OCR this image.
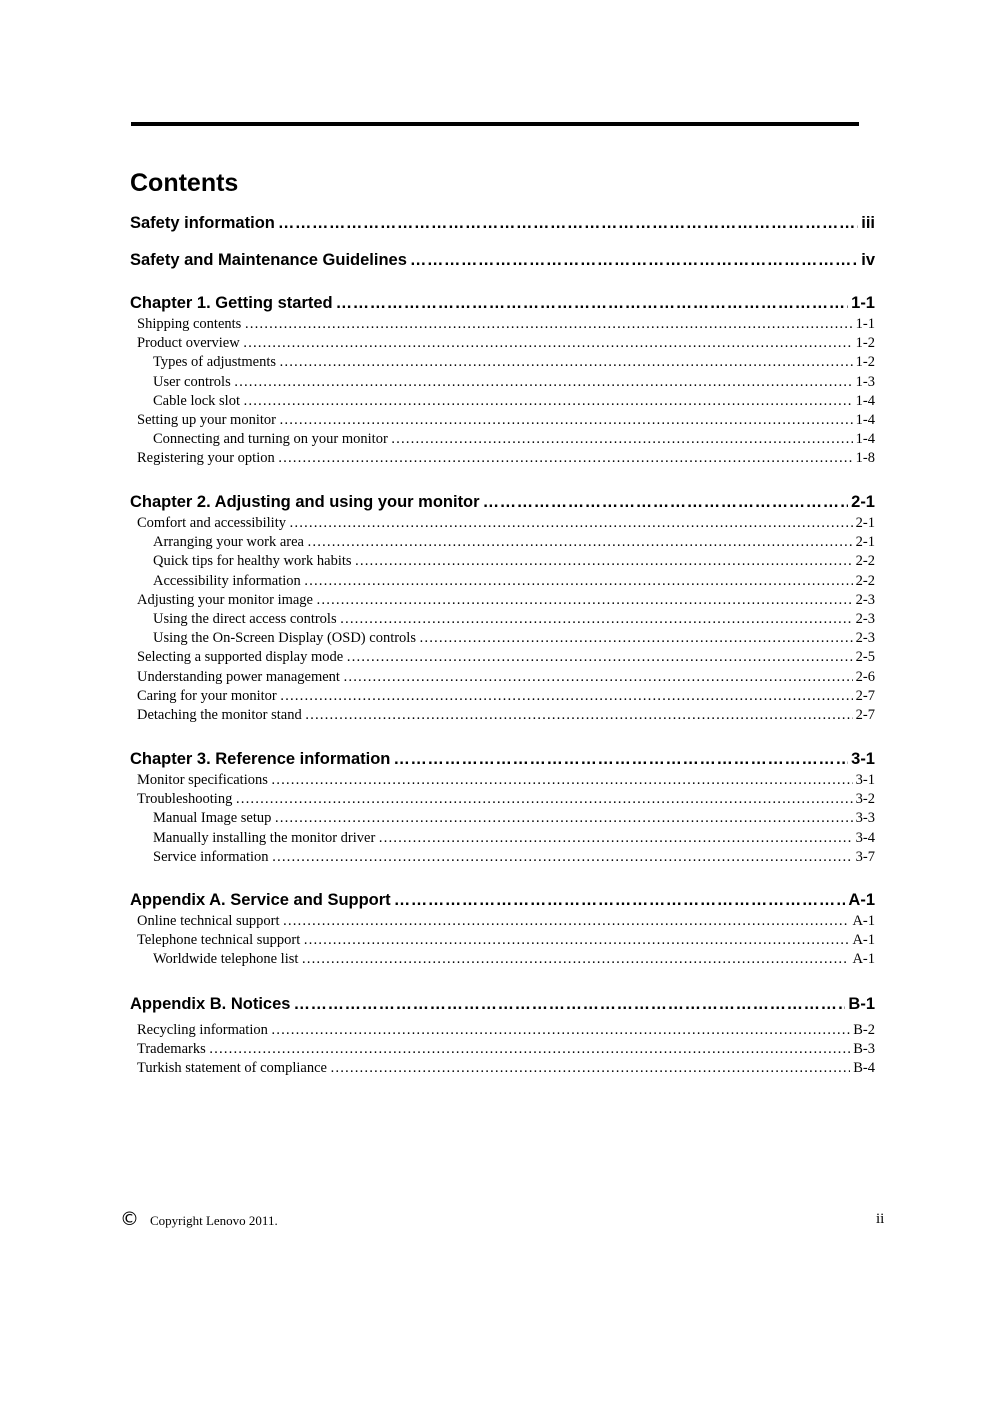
Contents
Safety information ……………………………………………………………………………………………………………………………………………………………………………………………………………………………………………	iii
Safety and Maintenance Guidelines ……………………………………………………………………………………………………………………………………………………………………………………………………………………………………………	iv
Chapter 1. Getting started ……………………………………………………………………………………………………………………………………………………………………………………………………………………………………………	1-1
Shipping contents ……………………………………………………………………………………………………………………………………………………………………………………………………………………………………………	1-1
Product overview ……………………………………………………………………………………………………………………………………………………………………………………………………………………………………………	1-2
Types of adjustments ……………………………………………………………………………………………………………………………………………………………………………………………………………………………………………	1-2
User controls ……………………………………………………………………………………………………………………………………………………………………………………………………………………………………………	1-3
Cable lock slot ……………………………………………………………………………………………………………………………………………………………………………………………………………………………………………	1-4
Setting up your monitor ……………………………………………………………………………………………………………………………………………………………………………………………………………………………………………	1-4
Connecting and turning on your monitor ……………………………………………………………………………………………………………………………………………………………………………………………………………………………………………	1-4
Registering your option ……………………………………………………………………………………………………………………………………………………………………………………………………………………………………………	1-8
Chapter 2. Adjusting and using your monitor ……………………………………………………………………………………………………………………………………………………………………………………………………………………………………………	2-1
Comfort and accessibility ……………………………………………………………………………………………………………………………………………………………………………………………………………………………………………	2-1
Arranging your work area ……………………………………………………………………………………………………………………………………………………………………………………………………………………………………………	2-1
Quick tips for healthy work habits ……………………………………………………………………………………………………………………………………………………………………………………………………………………………………………	2-2
Accessibility information ……………………………………………………………………………………………………………………………………………………………………………………………………………………………………………	2-2
Adjusting your monitor image ……………………………………………………………………………………………………………………………………………………………………………………………………………………………………………	2-3
Using the direct access controls ……………………………………………………………………………………………………………………………………………………………………………………………………………………………………………	2-3
Using the On-Screen Display (OSD) controls ……………………………………………………………………………………………………………………………………………………………………………………………………………………………………………	2-3
Selecting a supported display mode ……………………………………………………………………………………………………………………………………………………………………………………………………………………………………………	2-5
Understanding power management ……………………………………………………………………………………………………………………………………………………………………………………………………………………………………………	2-6
Caring for your monitor ……………………………………………………………………………………………………………………………………………………………………………………………………………………………………………	2-7
Detaching the monitor stand ……………………………………………………………………………………………………………………………………………………………………………………………………………………………………………	2-7
Chapter 3. Reference information ……………………………………………………………………………………………………………………………………………………………………………………………………………………………………………	3-1
Monitor specifications ……………………………………………………………………………………………………………………………………………………………………………………………………………………………………………	3-1
Troubleshooting ……………………………………………………………………………………………………………………………………………………………………………………………………………………………………………	3-2
Manual Image setup ……………………………………………………………………………………………………………………………………………………………………………………………………………………………………………	3-3
Manually installing the monitor driver ……………………………………………………………………………………………………………………………………………………………………………………………………………………………………………	3-4
Service information ……………………………………………………………………………………………………………………………………………………………………………………………………………………………………………	3-7
Appendix A. Service and Support ……………………………………………………………………………………………………………………………………………………………………………………………………………………………………………	A-1
Online technical support ……………………………………………………………………………………………………………………………………………………………………………………………………………………………………………	A-1
Telephone technical support ……………………………………………………………………………………………………………………………………………………………………………………………………………………………………………	A-1
Worldwide telephone list ……………………………………………………………………………………………………………………………………………………………………………………………………………………………………………	A-1
Appendix B. Notices ……………………………………………………………………………………………………………………………………………………………………………………………………………………………………………	B-1
Recycling information ……………………………………………………………………………………………………………………………………………………………………………………………………………………………………………	B-2
Trademarks ……………………………………………………………………………………………………………………………………………………………………………………………………………………………………………	B-3
Turkish statement of compliance ……………………………………………………………………………………………………………………………………………………………………………………………………………………………………………	B-4
© Copyright Lenovo 2011.	ii
